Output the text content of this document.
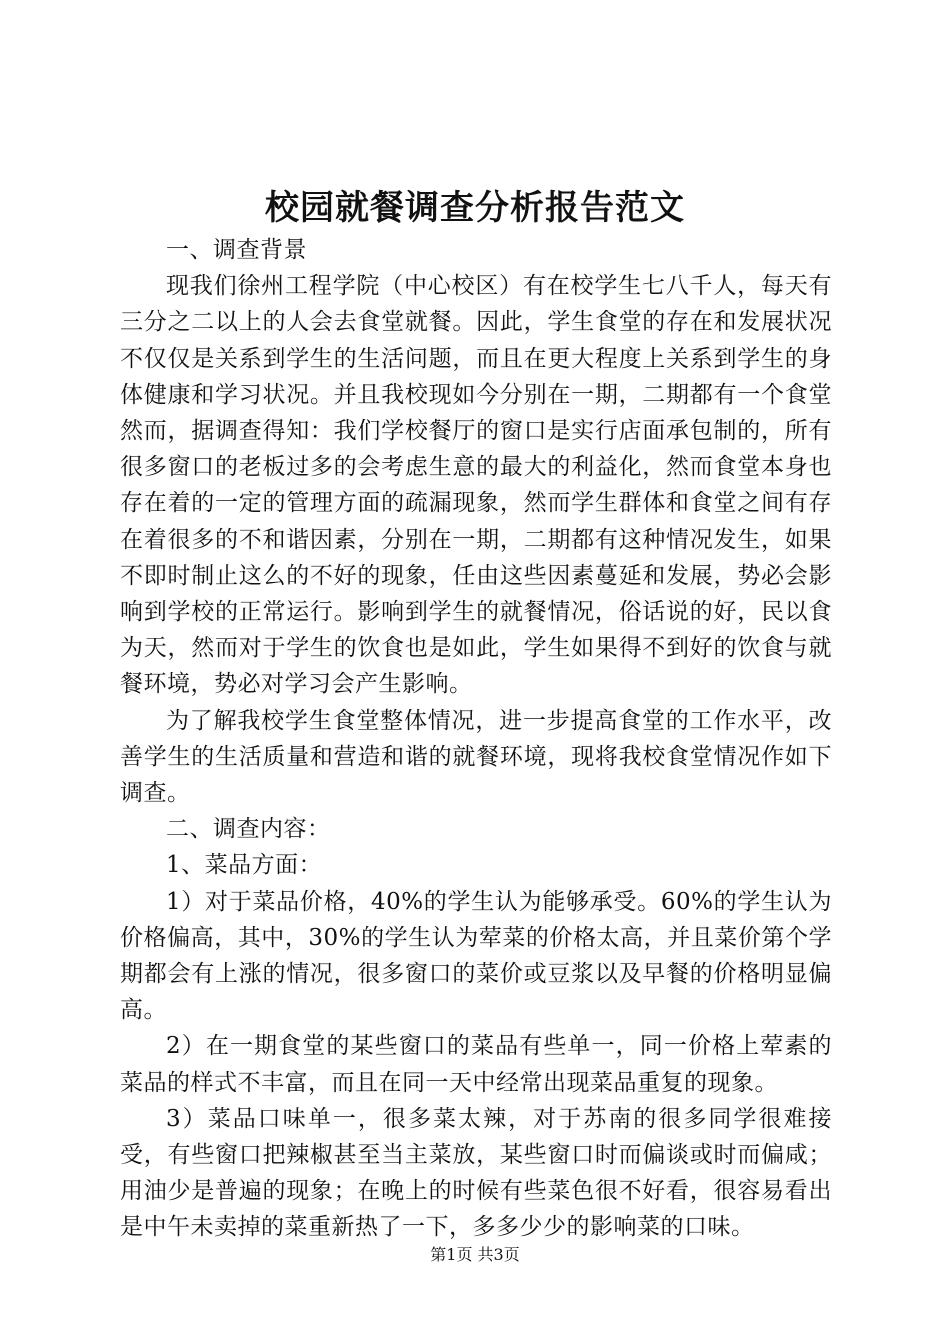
校园就餐调查分析报告范文

一、调查背景

现我们徐州工程学院（中心校区）有在校学生七八千人，每天有三分之二以上的人会去食堂就餐。因此，学生食堂的存在和发展状况不仅仅是关系到学生的生活问题，而且在更大程度上关系到学生的身体健康和学习状况。并且我校现如今分别在一期，二期都有一个食堂然而，据调查得知：我们学校餐厅的窗口是实行店面承包制的，所有很多窗口的老板过多的会考虑生意的最大的利益化，然而食堂本身也存在着的一定的管理方面的疏漏现象，然而学生群体和食堂之间有存在着很多的不和谐因素，分别在一期，二期都有这种情况发生，如果不即时制止这么的不好的现象，任由这些因素蔓延和发展，势必会影响到学校的正常运行。影响到学生的就餐情况，俗话说的好，民以食为天，然而对于学生的饮食也是如此，学生如果得不到好的饮食与就餐环境，势必对学习会产生影响。

为了解我校学生食堂整体情况，进一步提高食堂的工作水平，改善学生的生活质量和营造和谐的就餐环境，现将我校食堂情况作如下调查。

二、调查内容：

1、菜品方面：

1）对于菜品价格，40%的学生认为能够承受。60%的学生认为价格偏高，其中，30%的学生认为荤菜的价格太高，并且菜价第个学期都会有上涨的情况，很多窗口的菜价或豆浆以及早餐的价格明显偏高。

2）在一期食堂的某些窗口的菜品有些单一，同一价格上荤素的菜品的样式不丰富，而且在同一天中经常出现菜品重复的现象。

3）菜品口味单一，很多菜太辣，对于苏南的很多同学很难接受，有些窗口把辣椒甚至当主菜放，某些窗口时而偏谈或时而偏咸；用油少是普遍的现象；在晚上的时候有些菜色很不好看，很容易看出是中午未卖掉的菜重新热了一下，多多少少的影响菜的口味。

第1页 共3页
